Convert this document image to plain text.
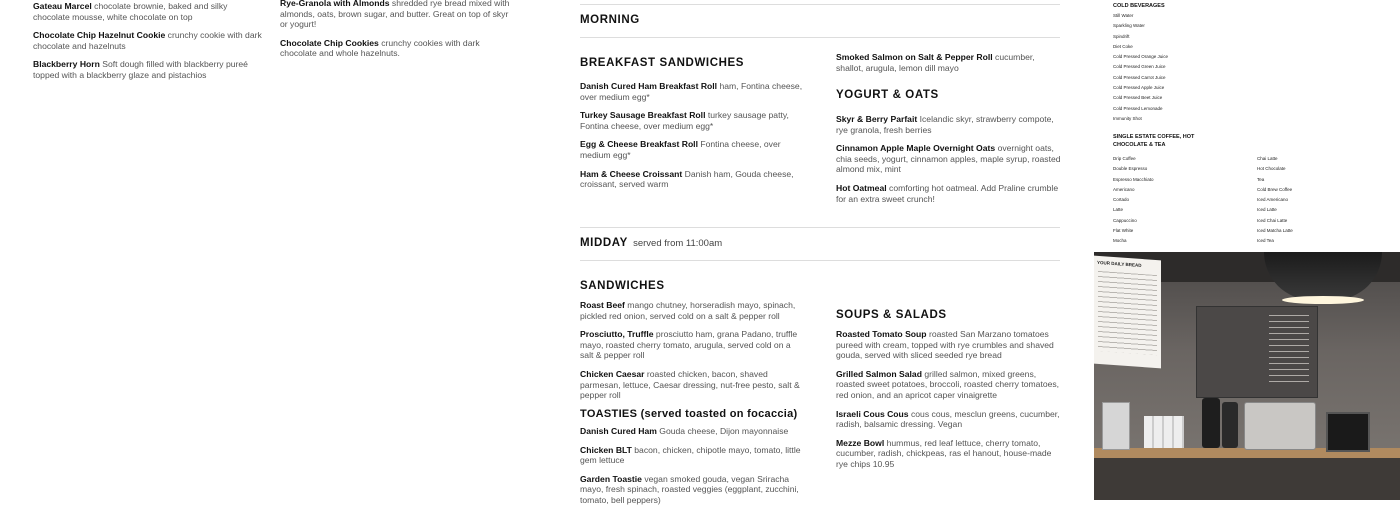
Gateau Marcel chocolate brownie, baked and silky chocolate mousse, white chocolate on top
Chocolate Chip Hazelnut Cookie crunchy cookie with dark chocolate and hazelnuts
Blackberry Horn Soft dough filled with blackberry pureé topped with a blackberry glaze and pistachios
Rye-Granola with Almonds shredded rye bread mixed with almonds, oats, brown sugar, and butter. Great on top of skyr or yogurt!
Chocolate Chip Cookies crunchy cookies with dark chocolate and whole hazelnuts.
MORNING
BREAKFAST SANDWICHES
Danish Cured Ham Breakfast Roll ham, Fontina cheese, over medium egg*
Turkey Sausage Breakfast Roll turkey sausage patty, Fontina cheese, over medium egg*
Egg & Cheese Breakfast Roll Fontina cheese, over medium egg*
Ham & Cheese Croissant Danish ham, Gouda cheese, croissant, served warm
Smoked Salmon on Salt & Pepper Roll cucumber, shallot, arugula, lemon dill mayo
YOGURT & OATS
Skyr & Berry Parfait Icelandic skyr, strawberry compote, rye granola, fresh berries
Cinnamon Apple Maple Overnight Oats overnight oats, chia seeds, yogurt, cinnamon apples, maple syrup, roasted almond mix, mint
Hot Oatmeal comforting hot oatmeal. Add Praline crumble for an extra sweet crunch!
MIDDAY served from 11:00am
SANDWICHES
Roast Beef mango chutney, horseradish mayo, spinach, pickled red onion, served cold on a salt & pepper roll
Prosciutto, Truffle prosciutto ham, grana Padano, truffle mayo, roasted cherry tomato, arugula, served cold on a salt & pepper roll
Chicken Caesar roasted chicken, bacon, shaved parmesan, lettuce, Caesar dressing, nut-free pesto, salt & pepper roll
TOASTIES (served toasted on focaccia)
Danish Cured Ham Gouda cheese, Dijon mayonnaise
Chicken BLT bacon, chicken, chipotle mayo, tomato, little gem lettuce
Garden Toastie vegan smoked gouda, vegan Sriracha mayo, fresh spinach, roasted veggies (eggplant, zucchini, tomato, bell peppers)
SOUPS & SALADS
Roasted Tomato Soup roasted San Marzano tomatoes pureed with cream, topped with rye crumbles and shaved gouda, served with sliced seeded rye bread
Grilled Salmon Salad grilled salmon, mixed greens, roasted sweet potatoes, broccoli, roasted cherry tomatoes, red onion, and an apricot caper vinaigrette
Israeli Cous Cous cous cous, mesclun greens, cucumber, radish, balsamic dressing. Vegan
Mezze Bowl hummus, red leaf lettuce, cherry tomato, cucumber, radish, chickpeas, ras el hanout, house-made rye chips 10.95
COLD BEVERAGES
Still Water
Sparkling Water
Spindrift
Diet Coke
Cold Pressed Orange Juice
Cold Pressed Green Juice
Cold Pressed Carrot Juice
Cold Pressed Apple Juice
Cold Pressed Beet Juice
Cold Pressed Lemonade
Immunity Shot
SINGLE ESTATE COFFEE, HOT CHOCOLATE & TEA
Drip Coffee
Double Espresso
Espresso Macchiato
Americano
Cortado
Latte
Cappuccino
Flat White
Mocha
Chai Latte
Hot Chocolate
Tea
Cold Brew Coffee
Iced Americano
Iced Latte
Iced Chai Latte
Iced Matcha Latte
Iced Tea
YOUR DAILY BREAD
